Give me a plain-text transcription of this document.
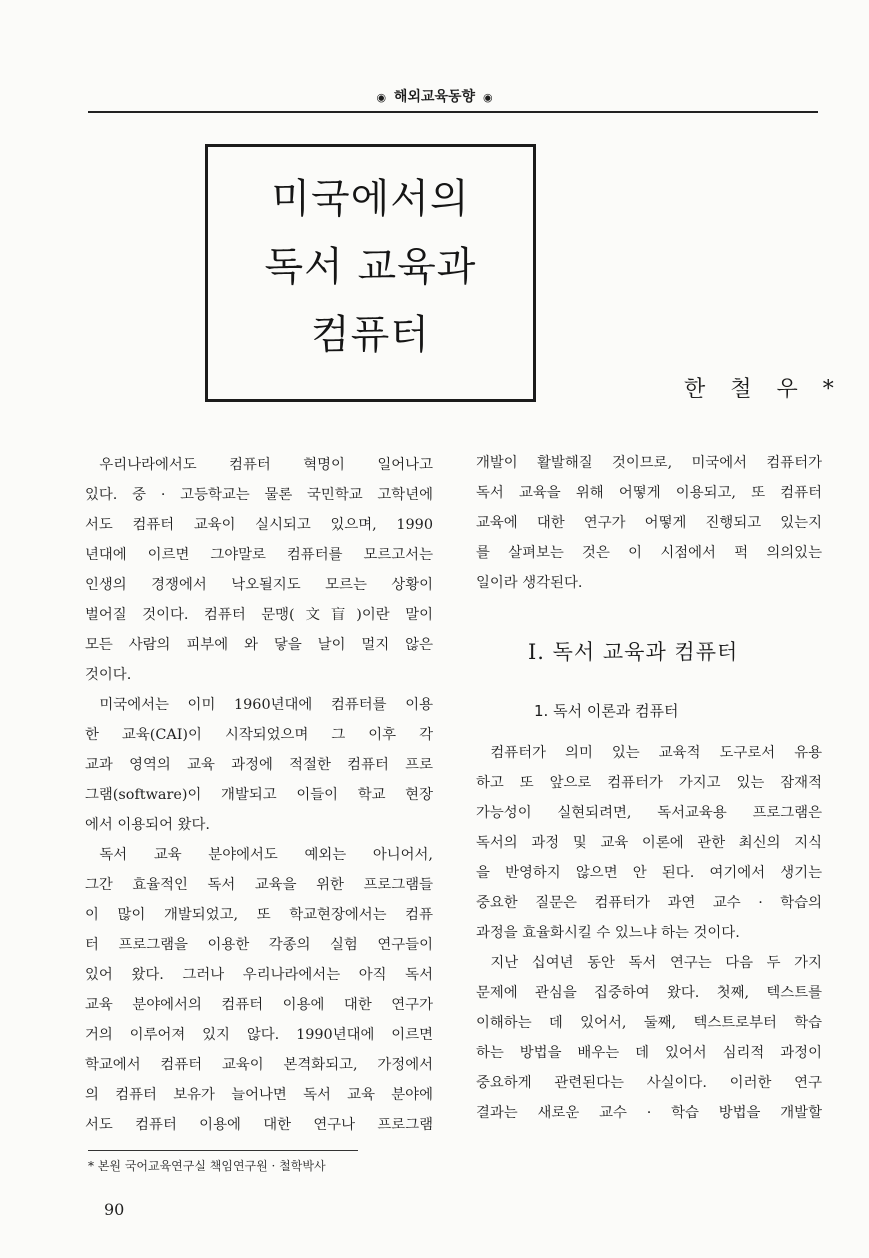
◉ 해외교육동향 ◉
미국에서의
독서 교육과
컴퓨터
한 철 우 *

우리나라에서도 컴퓨터 혁명이 일어나고

있다. 중 · 고등학교는 물론 국민학교 고학년에

서도 컴퓨터 교육이 실시되고 있으며, 1990

년대에 이르면 그야말로 컴퓨터를 모르고서는

인생의 경쟁에서 낙오될지도 모르는 상황이

벌어질 것이다. 컴퓨터 문맹(文盲)이란 말이

모든 사람의 피부에 와 닿을 날이 멀지 않은

것이다.

미국에서는 이미 1960년대에 컴퓨터를 이용

한 교육(CAI)이 시작되었으며 그 이후 각

교과 영역의 교육 과정에 적절한 컴퓨터 프로

그램(software)이 개발되고 이들이 학교 현장

에서 이용되어 왔다.

독서 교육 분야에서도 예외는 아니어서,

그간 효율적인 독서 교육을 위한 프로그램들

이 많이 개발되었고, 또 학교현장에서는 컴퓨

터 프로그램을 이용한 각종의 실험 연구들이

있어 왔다. 그러나 우리나라에서는 아직 독서

교육 분야에서의 컴퓨터 이용에 대한 연구가

거의 이루어져 있지 않다. 1990년대에 이르면

학교에서 컴퓨터 교육이 본격화되고, 가정에서

의 컴퓨터 보유가 늘어나면 독서 교육 분야에

서도 컴퓨터 이용에 대한 연구나 프로그램

개발이 활발해질 것이므로, 미국에서 컴퓨터가

독서 교육을 위해 어떻게 이용되고, 또 컴퓨터

교육에 대한 연구가 어떻게 진행되고 있는지

를 살펴보는 것은 이 시점에서 퍽 의의있는

일이라 생각된다.

Ⅰ. 독서 교육과 컴퓨터
1. 독서 이론과 컴퓨터

컴퓨터가 의미 있는 교육적 도구로서 유용

하고 또 앞으로 컴퓨터가 가지고 있는 잠재적

가능성이 실현되려면, 독서교육용 프로그램은

독서의 과정 및 교육 이론에 관한 최신의 지식

을 반영하지 않으면 안 된다. 여기에서 생기는

중요한 질문은 컴퓨터가 과연 교수 · 학습의

과정을 효율화시킬 수 있느냐 하는 것이다.

지난 십여년 동안 독서 연구는 다음 두 가지

문제에 관심을 집중하여 왔다. 첫째, 텍스트를

이해하는 데 있어서, 둘째, 텍스트로부터 학습

하는 방법을 배우는 데 있어서 심리적 과정이

중요하게 관련된다는 사실이다. 이러한 연구

결과는 새로운 교수 · 학습 방법을 개발할

* 본원 국어교육연구실 책임연구원 · 철학박사
90
